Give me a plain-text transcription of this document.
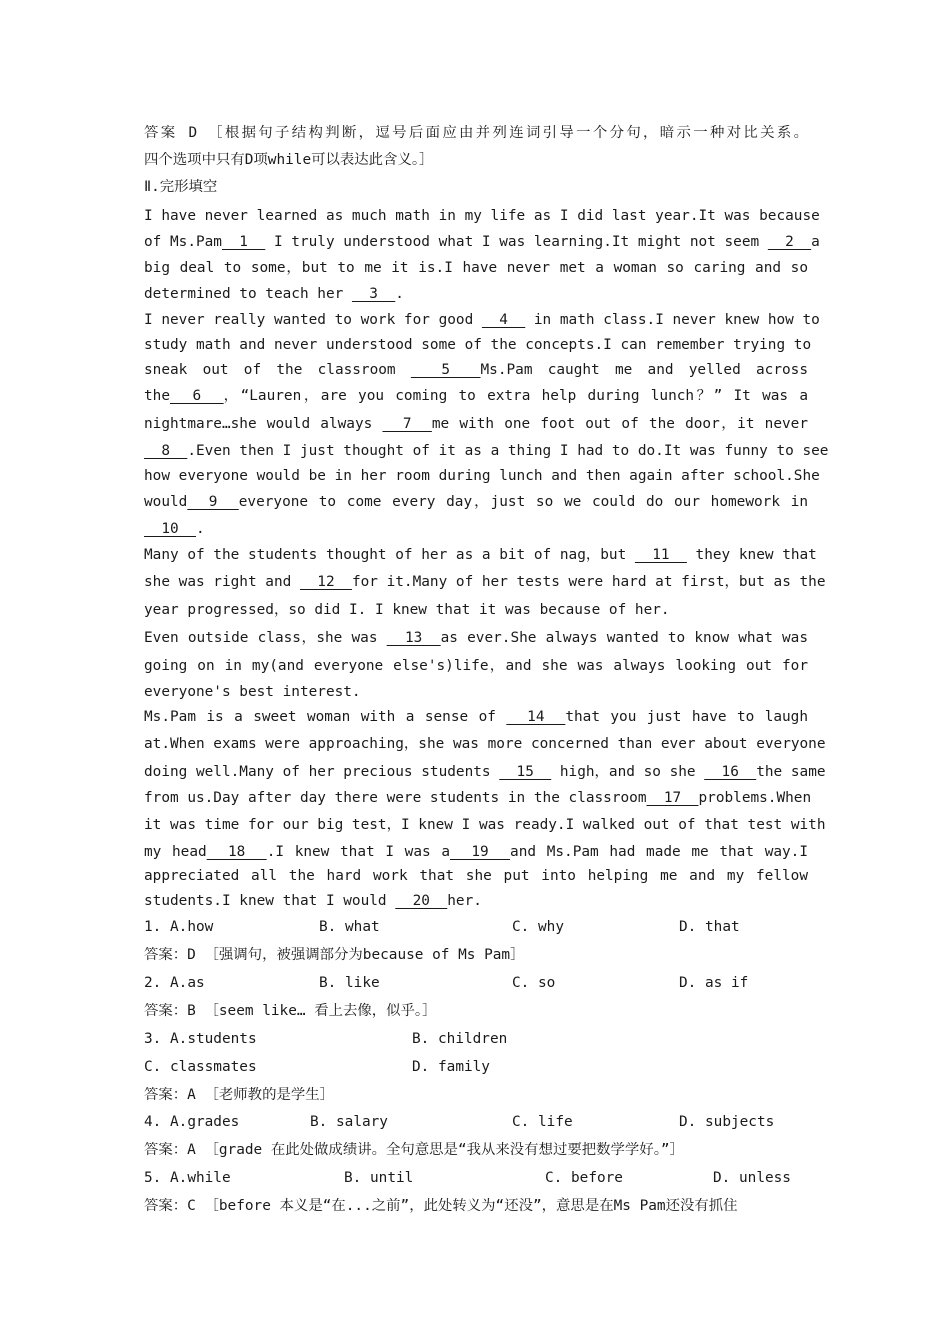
答案 D ［根据句子结构判断，逗号后面应由并列连词引导一个分句，暗示一种对比关系。
四个选项中只有D项while可以表达此含义。］
Ⅱ.完形填空
I have never learned as much math in my life as I did last year.It was because
of Ms.Pam  1   I truly understood what I was learning.It might not seem   2  a
big deal to some，but to me it is.I have never met a woman so caring and so
determined to teach her   3  .
I never really wanted to work for good   4   in math class.I never knew how to
study math and never understood some of the concepts.I can remember trying to
sneak out of the classroom   5  Ms.Pam caught me and yelled across
the  6  ，“Lauren，are you coming to extra help during lunch？” It was a
nightmare…she would always   7  me with one foot out of the door，it never
8  .Even then I just thought of it as a thing I had to do.It was funny to see
how everyone would be in her room during lunch and then again after school.She
would  9  everyone to come every day，just so we could do our homework in
10  .
Many of the students thought of her as a bit of nag，but   11   they knew that
she was right and   12  for it.Many of her tests were hard at first，but as the
year progressed，so did I. I knew that it was because of her.
Even outside class，she was   13  as ever.She always wanted to know what was
going on in my(and everyone else's)life，and she was always looking out for
everyone's best interest.
Ms.Pam is a sweet woman with a sense of   14  that you just have to laugh
at.When exams were approaching，she was more concerned than ever about everyone
doing well.Many of her precious students   15   high，and so she   16  the same
from us.Day after day there were students in the classroom  17  problems.When
it was time for our big test，I knew I was ready.I walked out of that test with
my head  18  .I knew that I was a  19  and Ms.Pam had made me that way.I
appreciated all the hard work that she put into helping me and my fellow
students.I knew that I would   20  her.
1. A.how	B. what	C. why	D. that
答案：D ［强调句，被强调部分为because of Ms Pam］
2. A.as	B. like	C. so	D. as if
答案：B ［seem like… 看上去像，似乎。］
3. A.students	B. children
C. classmates	D. family
答案：A ［老师教的是学生］
4. A.grades	B. salary	C. life	D. subjects
答案：A ［grade 在此处做成绩讲。全句意思是“我从来没有想过要把数学学好。”］
5. A.while	B. until	C. before	D. unless
答案：C ［before 本义是“在...之前”，此处转义为“还没”，意思是在Ms Pam还没有抓住
